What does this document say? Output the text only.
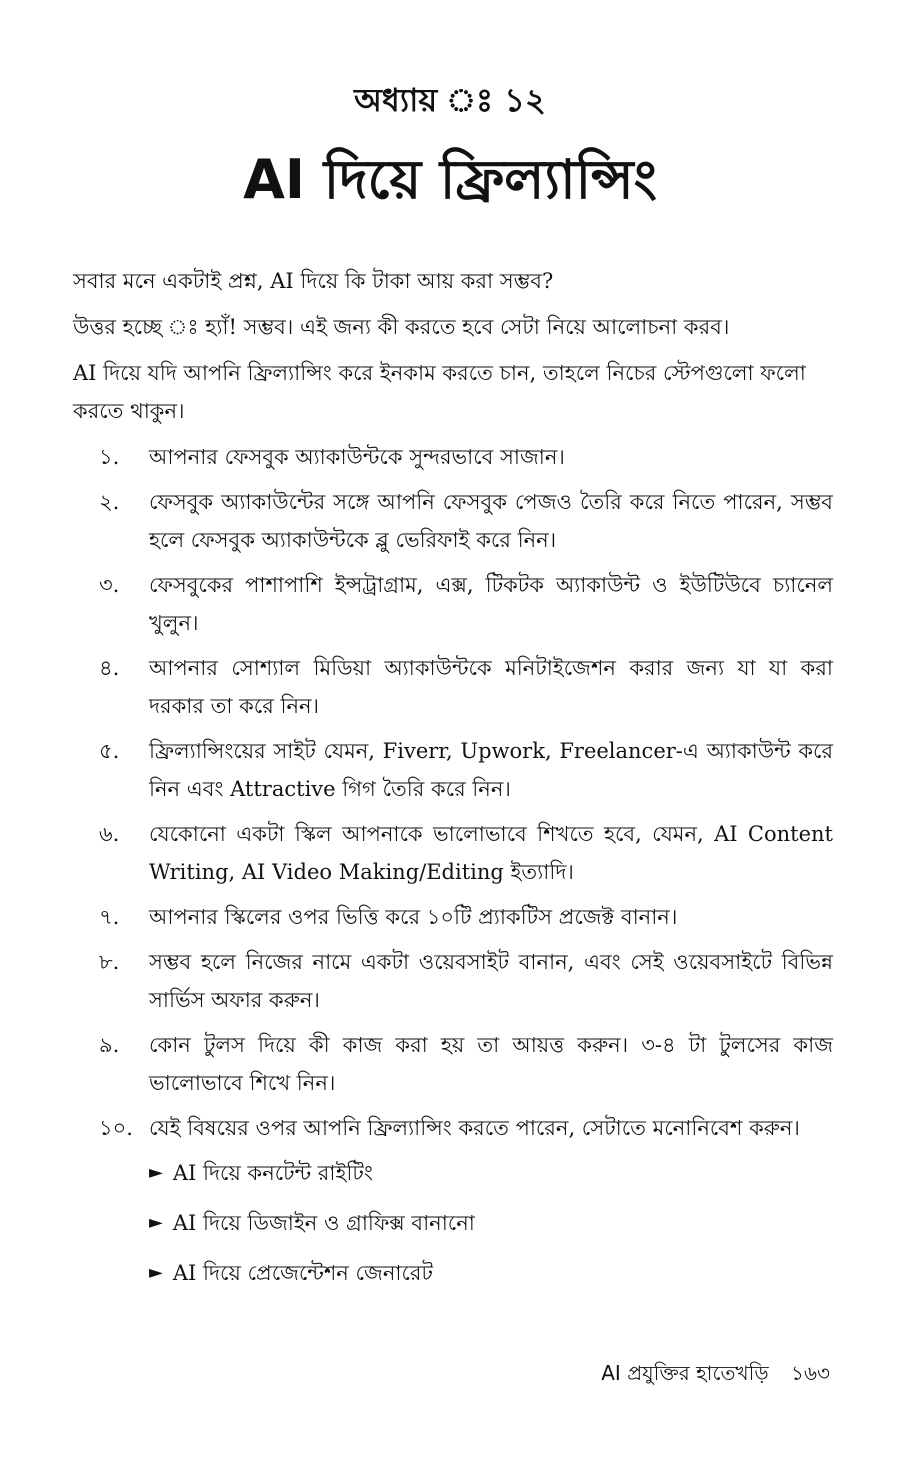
অধ্যায় ঃ ১২
AI দিয়ে ফ্রিল্যান্সিং

সবার মনে একটাই প্রশ্ন, AI দিয়ে কি টাকা আয় করা সম্ভব?

উত্তর হচ্ছে ঃ হ্যাঁ! সম্ভব। এই জন্য কী করতে হবে সেটা নিয়ে আলোচনা করব।

AI দিয়ে যদি আপনি ফ্রিল্যান্সিং করে ইনকাম করতে চান, তাহলে নিচের স্টেপগুলো ফলো করতে থাকুন।

১.	আপনার ফেসবুক অ্যাকাউন্টকে সুন্দরভাবে সাজান।
২.	ফেসবুক অ্যাকাউন্টের সঙ্গে আপনি ফেসবুক পেজও তৈরি করে নিতে পারেন, সম্ভব হলে ফেসবুক অ্যাকাউন্টকে ব্লু ভেরিফাই করে নিন।
৩.	ফেসবুকের পাশাপাশি ইন্সট্রাগ্রাম, এক্স, টিকটক অ্যাকাউন্ট ও ইউটিউবে চ্যানেল খুলুন।
৪.	আপনার সোশ্যাল মিডিয়া অ্যাকাউন্টকে মনিটাইজেশন করার জন্য যা যা করা দরকার তা করে নিন।
৫.	ফ্রিল্যান্সিংয়ের সাইট যেমন, Fiverr, Upwork, Freelancer-এ অ্যাকাউন্ট করে নিন এবং Attractive গিগ তৈরি করে নিন।
৬.	যেকোনো একটা স্কিল আপনাকে ভালোভাবে শিখতে হবে, যেমন, AI Content Writing, AI Video Making/Editing ইত্যাদি।
৭.	আপনার স্কিলের ওপর ভিত্তি করে ১০টি প্র্যাকটিস প্রজেক্ট বানান।
৮.	সম্ভব হলে নিজের নামে একটা ওয়েবসাইট বানান, এবং সেই ওয়েবসাইটে বিভিন্ন সার্ভিস অফার করুন।
৯.	কোন টুলস দিয়ে কী কাজ করা হয় তা আয়ত্ত করুন। ৩-৪ টা টুলসের কাজ ভালোভাবে শিখে নিন।
১০. যেই বিষয়ের ওপর আপনি ফ্রিল্যান্সিং করতে পারেন, সেটাতে মনোনিবেশ করুন।
► AI দিয়ে কনটেন্ট রাইটিং
► AI দিয়ে ডিজাইন ও গ্রাফিক্স বানানো
► AI দিয়ে প্রেজেন্টেশন জেনারেট
AI প্রযুক্তির হাতেখড়ি ১৬৩
